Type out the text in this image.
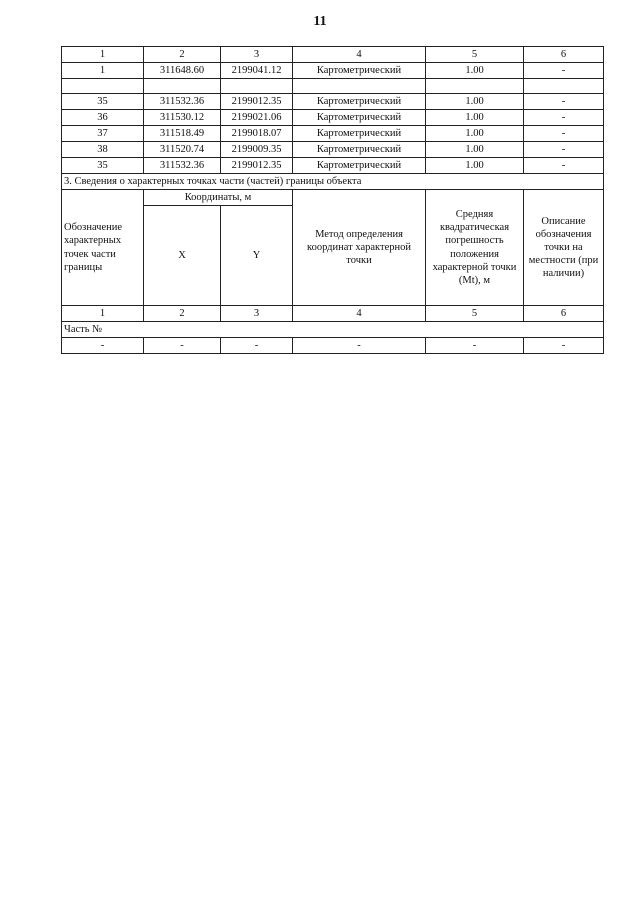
11
1	2	3	4	5	6
1	311648.60	2199041.12	Картометрический	1.00	-

35	311532.36	2199012.35	Картометрический	1.00	-
36	311530.12	2199021.06	Картометрический	1.00	-
37	311518.49	2199018.07	Картометрический	1.00	-
38	311520.74	2199009.35	Картометрический	1.00	-
35	311532.36	2199012.35	Картометрический	1.00	-
3. Сведения о характерных точках части (частей) границы объекта					
Обозначение характерных точек части границы	Координаты, м		Метод определения координат характерной точки	Средняя квадратическая погрешность положения характерной точки (Mt), м	Описание обозначения точки на местности (при наличии)
	X	Y			
1	2	3	4	5	6
Часть №					
-	-	-	-	-	-
